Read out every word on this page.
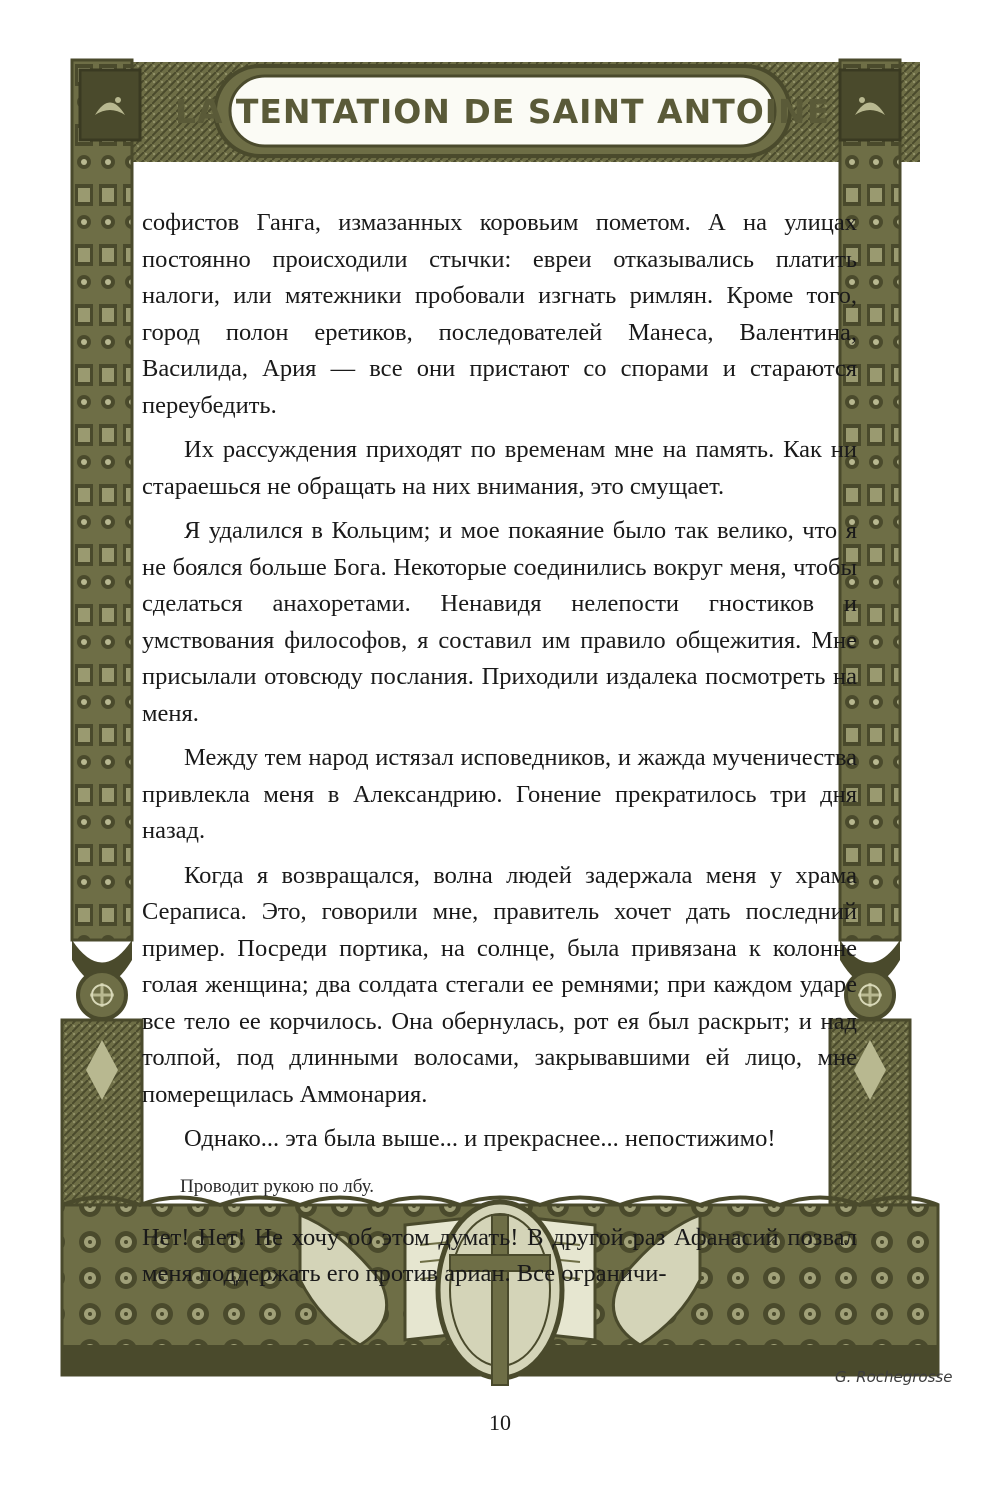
LA TENTATION DE SAINT ANTOINE

софистов Ганга, измазанных коровьим пометом. А на улицах постоянно происходили стычки: евреи отказывались платить налоги, или мятежники пробовали изгнать римлян. Кроме того, город полон еретиков, последователей Манеса, Валентина, Василида, Ария — все они пристают со спорами и стараются переубедить.

Их рассуждения приходят по временам мне на память. Как ни стараешься не обращать на них внимания, это смущает.

Я удалился в Кольцим; и мое покаяние было так велико, что я не боялся больше Бога. Некоторые соединились вокруг меня, чтобы сделаться анахоретами. Ненавидя нелепости гностиков и умствования философов, я составил им правило общежития. Мне присылали отовсюду послания. Приходили издалека посмотреть на меня.

Между тем народ истязал исповедников, и жажда мученичества привлекла меня в Александрию. Гонение прекратилось три дня назад.

Когда я возвращался, волна людей задержала меня у храма Сераписа. Это, говорили мне, правитель хочет дать последний пример. Посреди портика, на солнце, была привязана к колонне голая женщина; два солдата стегали ее ремнями; при каждом ударе все тело ее корчилось. Она обернулась, рот ея был раскрыт; и над толпой, под длинными волосами, закрывавшими ей лицо, мне померещилась Аммонария.

Однако... эта была выше... и прекраснее... непостижимо!

Проводит рукою по лбу.

Нет! Нет! Не хочу об этом думать! В другой раз Афанасий позвал меня поддержать его против ариан. Все ограничи-

G. Rochegrosse
10
